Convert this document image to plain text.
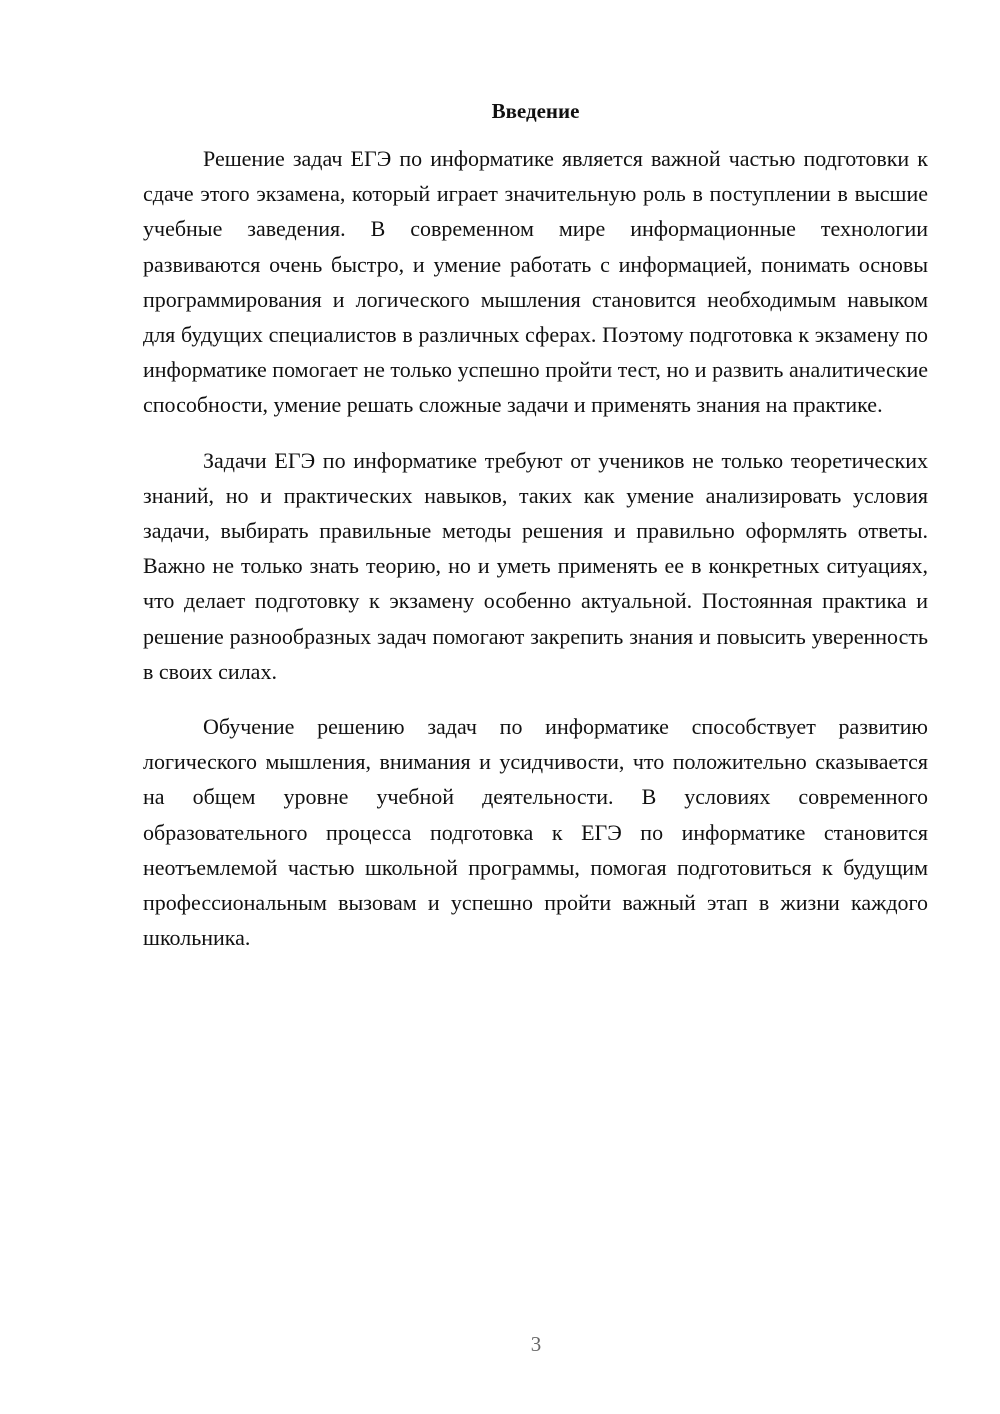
Введение

Решение задач ЕГЭ по информатике является важной частью подготовки к сдаче этого экзамена, который играет значительную роль в поступлении в высшие учебные заведения. В современном мире информационные технологии развиваются очень быстро, и умение работать с информацией, понимать основы программирования и логического мышления становится необходимым навыком для будущих специалистов в различных сферах. Поэтому подготовка к экзамену по информатике помогает не только успешно пройти тест, но и развить аналитические способности, умение решать сложные задачи и применять знания на практике.

Задачи ЕГЭ по информатике требуют от учеников не только теоретических знаний, но и практических навыков, таких как умение анализировать условия задачи, выбирать правильные методы решения и правильно оформлять ответы. Важно не только знать теорию, но и уметь применять ее в конкретных ситуациях, что делает подготовку к экзамену особенно актуальной. Постоянная практика и решение разнообразных задач помогают закрепить знания и повысить уверенность в своих силах.

Обучение решению задач по информатике способствует развитию логического мышления, внимания и усидчивости, что положительно сказывается на общем уровне учебной деятельности. В условиях современного образовательного процесса подготовка к ЕГЭ по информатике становится неотъемлемой частью школьной программы, помогая подготовиться к будущим профессиональным вызовам и успешно пройти важный этап в жизни каждого школьника.

3
